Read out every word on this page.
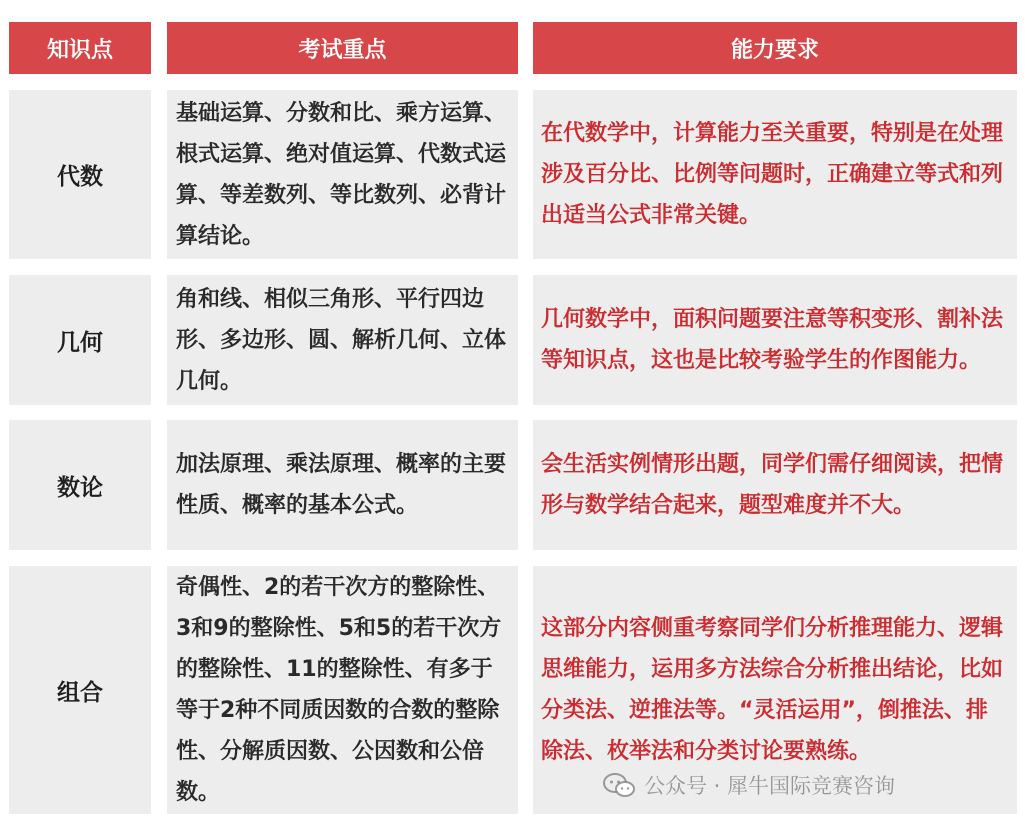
知识点	考试重点	能力要求
代数
基础运算、分数和比、乘方运算、根式运算、绝对值运算、代数式运算、等差数列、等比数列、必背计算结论。
在代数学中，计算能力至关重要，特别是在处理涉及百分比、比例等问题时，正确建立等式和列出适当公式非常关键。
几何
角和线、相似三角形、平行四边形、多边形、圆、解析几何、立体几何。
几何数学中，面积问题要注意等积变形、割补法等知识点，这也是比较考验学生的作图能力。
数论
加法原理、乘法原理、概率的主要性质、概率的基本公式。
会生活实例情形出题，同学们需仔细阅读，把情形与数学结合起来，题型难度并不大。
组合
奇偶性、2的若干次方的整除性、3和9的整除性、5和5的若干次方的整除性、11的整除性、有多于等于2种不同质因数的合数的整除性、分解质因数、公因数和公倍数。
这部分内容侧重考察同学们分析推理能力、逻辑思维能力，运用多方法综合分析推出结论，比如分类法、逆推法等。“灵活运用”，倒推法、排除法、枚举法和分类讨论要熟练。
公众号 · 犀牛国际竞赛咨询
